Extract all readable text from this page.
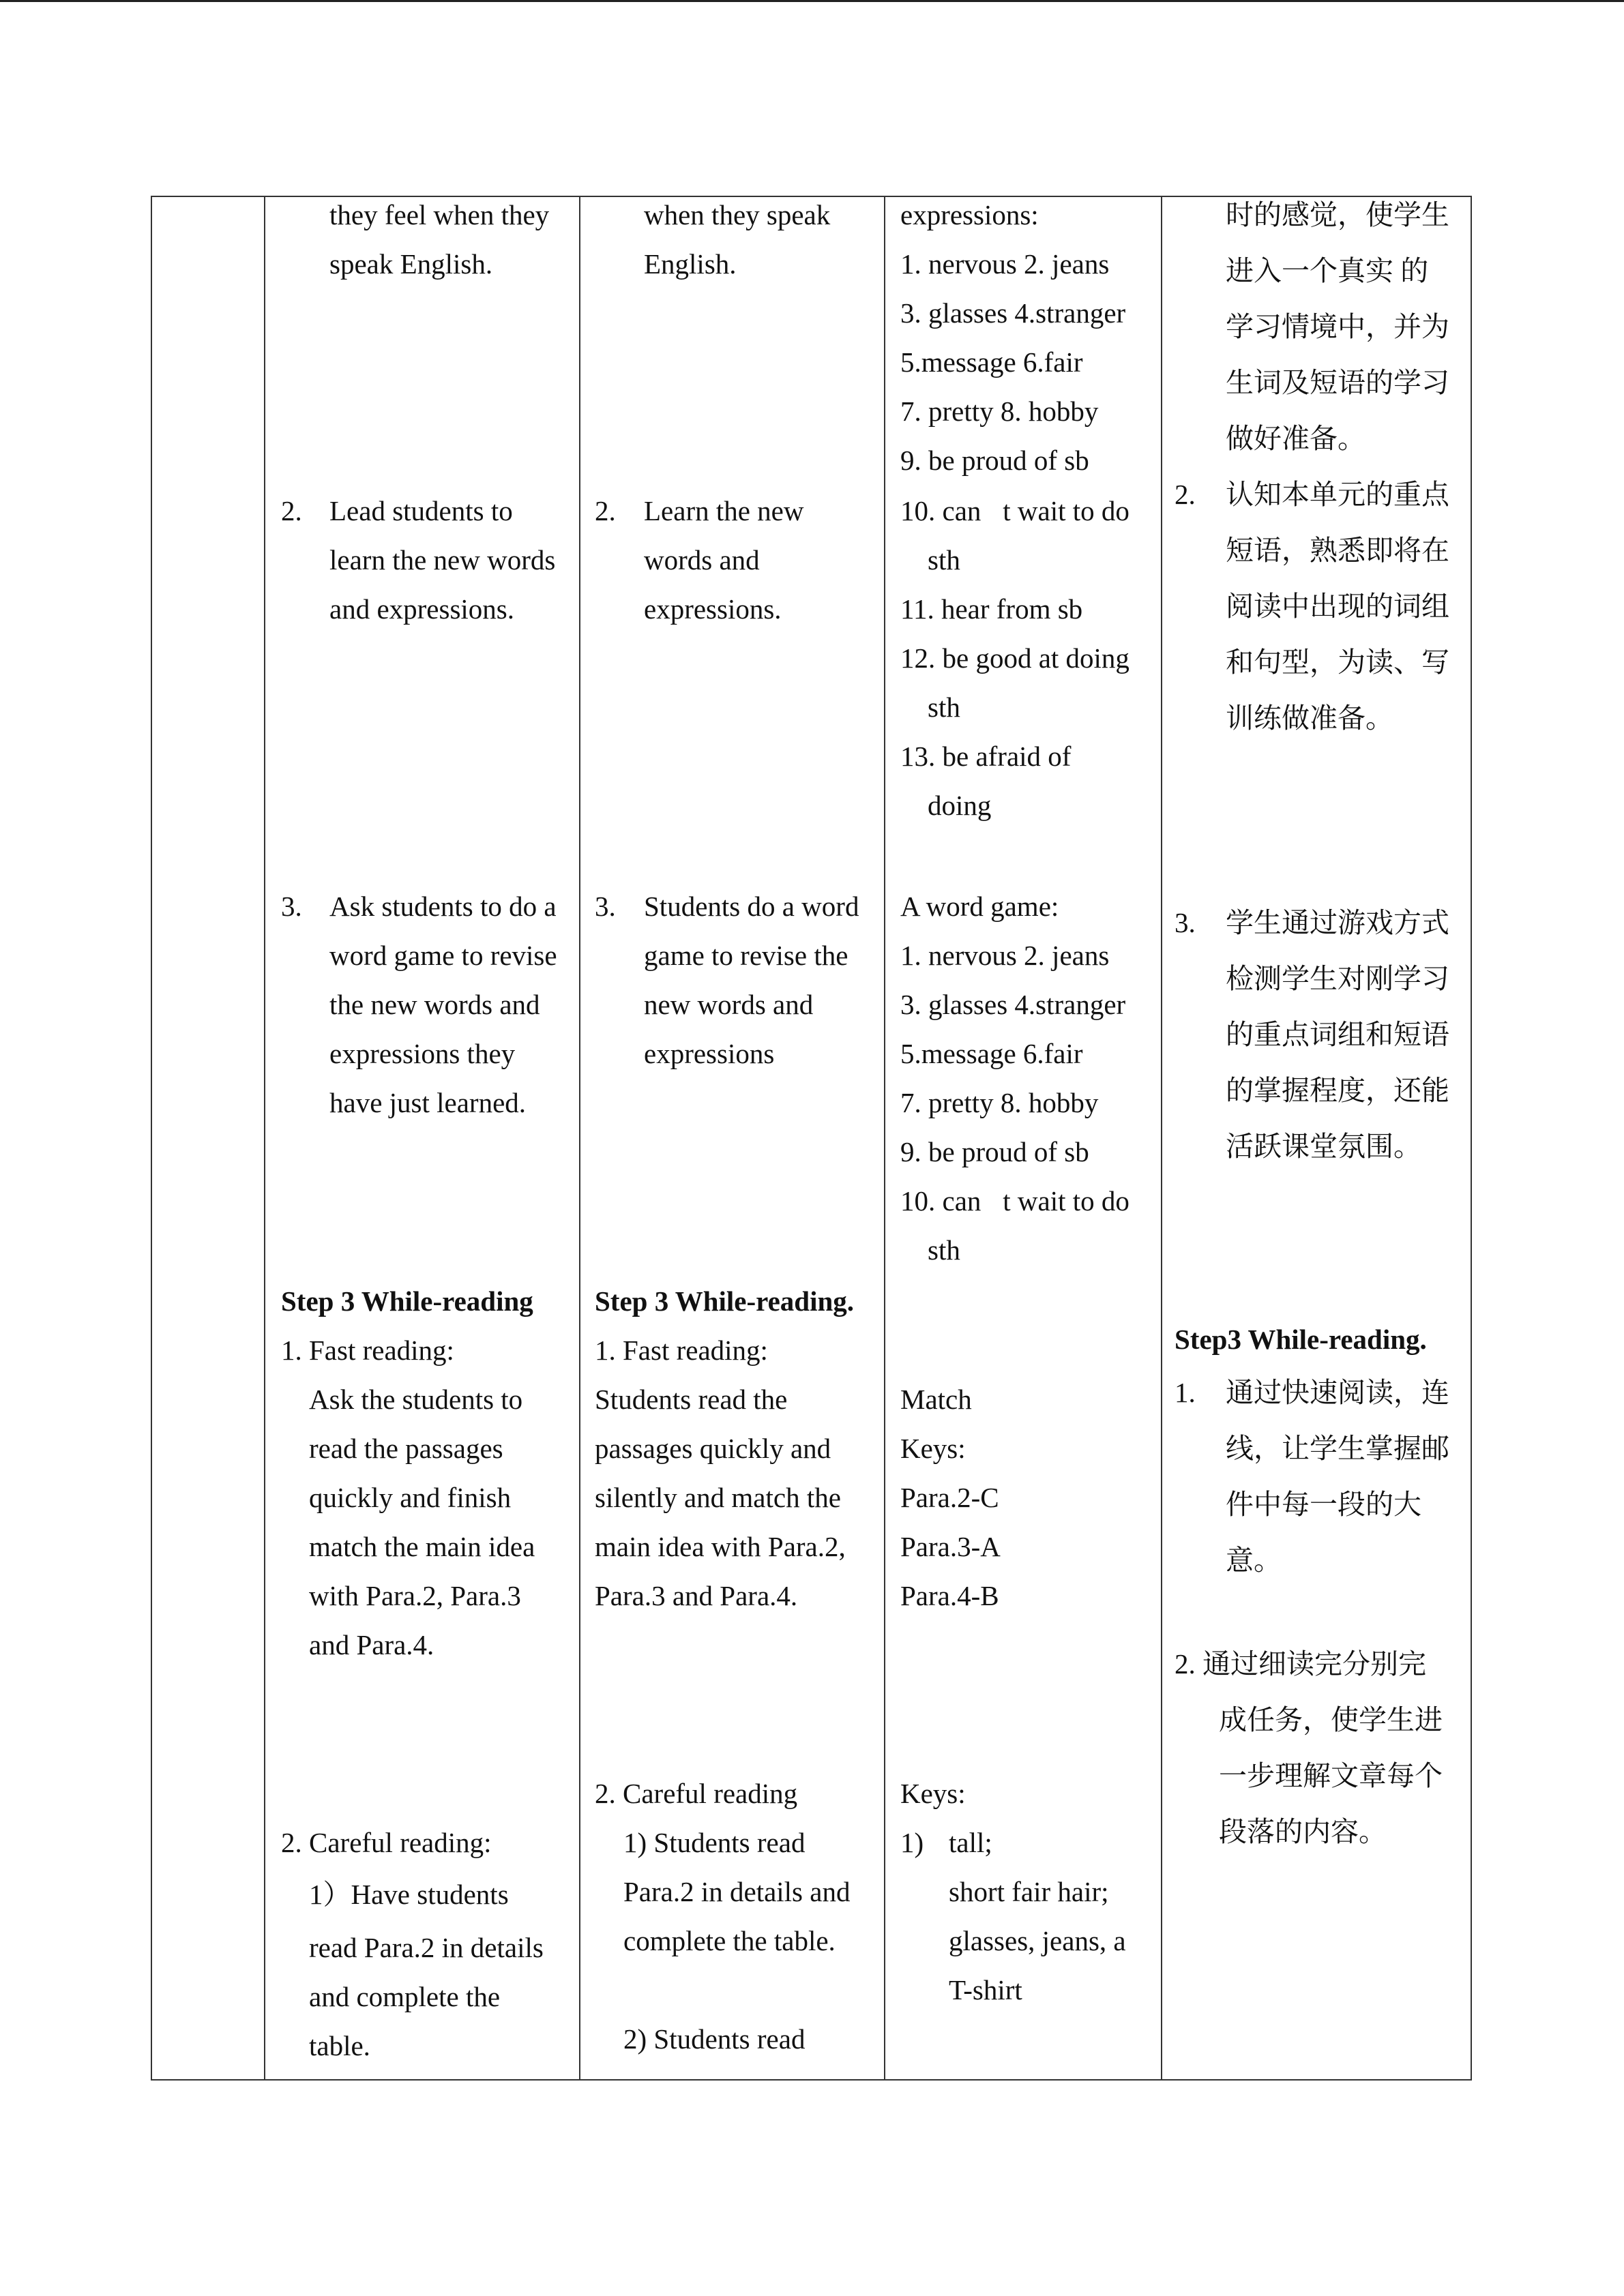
they feel when they
speak English.
2. Lead students to
learn the new words
and expressions.
3. Ask students to do a
word game to revise
the new words and
expressions they
have just learned.
Step 3 While-reading
1. Fast reading:
Ask the students to
read the passages
quickly and finish
match the main idea
with Para.2, Para.3
and Para.4.
2. Careful reading:
1）Have students
read Para.2 in details
and complete the
table.
when they speak
English.
2. Learn the new
words and
expressions.
3. Students do a word
game to revise the
new words and
expressions
Step 3 While-reading.
1. Fast reading:
Students read the
passages quickly and
silently and match the
main idea with Para.2,
Para.3 and Para.4.
2. Careful reading
1) Students read
Para.2 in details and
complete the table.
2) Students read
expressions:
1. nervous 2. jeans
3. glasses 4.stranger
5.message 6.fair
7. pretty 8. hobby
9. be proud of sb
10. can t wait to do
sth
11. hear from sb
12. be good at doing
sth
13. be afraid of
doing
A word game:
1. nervous 2. jeans
3. glasses 4.stranger
5.message 6.fair
7. pretty 8. hobby
9. be proud of sb
10. can t wait to do
sth
Match
Keys:
Para.2-C
Para.3-A
Para.4-B
Keys:
1) tall;
short fair hair;
glasses, jeans, a
T-shirt
时的感觉，使学生
进入一个真实 的
学习情境中，并为
生词及短语的学习
做好准备。
2. 认知本单元的重点
短语，熟悉即将在
阅读中出现的词组
和句型，为读、写
训练做准备。
3. 学生通过游戏方式
检测学生对刚学习
的重点词组和短语
的掌握程度，还能
活跃课堂氛围。
Step3 While-reading.
1. 通过快速阅读，连
线，让学生掌握邮
件中每一段的大
意。
2. 通过细读完分别完
成任务，使学生进
一步理解文章每个
段落的内容。
